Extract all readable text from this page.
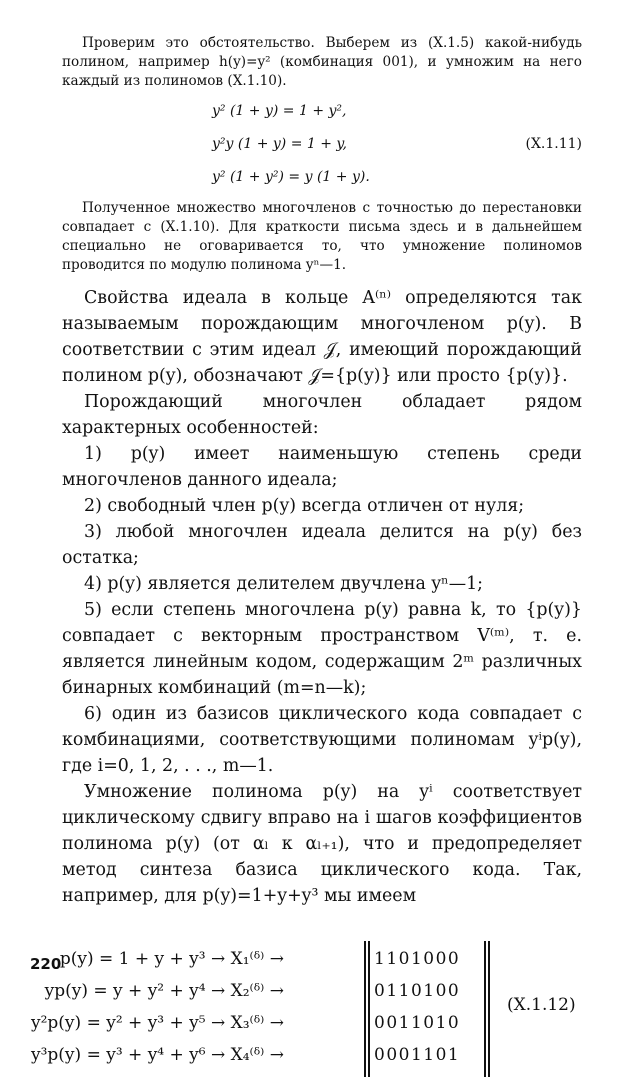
Проверим это обстоятельство. Выберем из (X.1.5) какой-нибудь полином, например h(y)=y² (комбинация 001), и умножим на него каждый из полиномов (X.1.10).

y² (1 + y) = 1 + y²,
y²y (1 + y) = 1 + y,
y² (1 + y²) = y (1 + y).
(X.1.11)

Полученное множество многочленов с точностью до перестановки совпадает с (X.1.10). Для краткости письма здесь и в дальнейшем специально не оговаривается то, что умножение полиномов проводится по модулю полинома yⁿ—1.

Свойства идеала в кольце A⁽ⁿ⁾ определяются так называемым порождающим многочленом p(y). В соответствии с этим идеал 𝒥, имеющий порождающий полином p(y), обозначают 𝒥={p(y)} или просто {p(y)}.

Порождающий многочлен обладает рядом характерных особенностей:

1) p(y) имеет наименьшую степень среди многочленов данного идеала;

2) свободный член p(y) всегда отличен от нуля;

3) любой многочлен идеала делится на p(y) без остатка;

4) p(y) является делителем двучлена yⁿ—1;

5) если степень многочлена p(y) равна k, то {p(y)} совпадает с векторным пространством V⁽ᵐ⁾, т. е. является линейным кодом, содержащим 2ᵐ различных бинарных комбинаций (m=n—k);

6) один из базисов циклического кода совпадает с комбинациями, соответствующими полиномам yⁱp(y), где i=0, 1, 2, . . ., m—1.

Умножение полинома p(y) на yⁱ соответствует циклическому сдвигу вправо на i шагов коэффициентов полинома p(y) (от αₗ к αₗ₊₁), что и предопределяет метод синтеза базиса циклического кода. Так, например, для p(y)=1+y+y³ мы имеем

p(y) = 1 + y + y³ → X₁⁽ᵟ⁾ →
yp(y) = y + y² + y⁴ → X₂⁽ᵟ⁾ →
y²p(y) = y² + y³ + y⁵ → X₃⁽ᵟ⁾ →
y³p(y) = y³ + y⁴ + y⁶ → X₄⁽ᵟ⁾ →
1101000
0110100
0011010
0001101
(X.1.12)
220
